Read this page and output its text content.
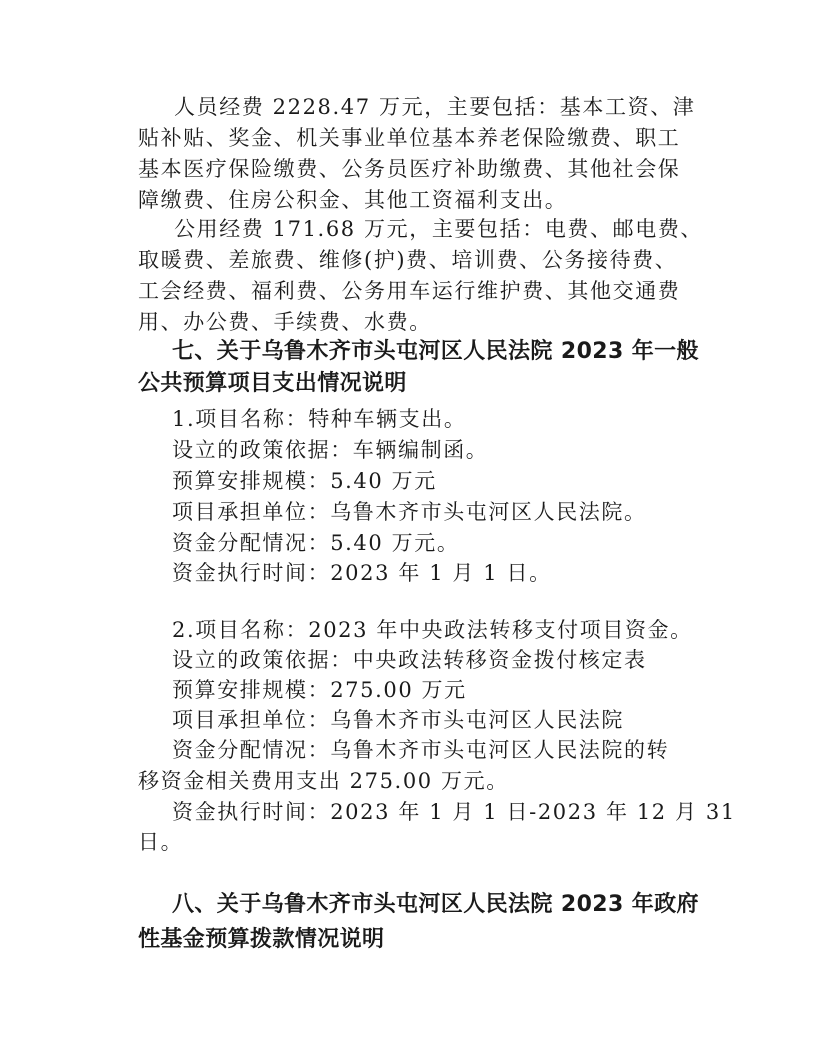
人员经费 2228.47 万元，主要包括：基本工资、津
贴补贴、奖金、机关事业单位基本养老保险缴费、职工
基本医疗保险缴费、公务员医疗补助缴费、其他社会保
障缴费、住房公积金、其他工资福利支出。
公用经费 171.68 万元，主要包括：电费、邮电费、
取暖费、差旅费、维修(护)费、培训费、公务接待费、
工会经费、福利费、公务用车运行维护费、其他交通费
用、办公费、手续费、水费。
七、关于乌鲁木齐市头屯河区人民法院 2023 年一般
公共预算项目支出情况说明
1.项目名称：特种车辆支出。
设立的政策依据：车辆编制函。
预算安排规模：5.40 万元
项目承担单位：乌鲁木齐市头屯河区人民法院。
资金分配情况：5.40 万元。
资金执行时间：2023 年 1 月 1 日。
2.项目名称：2023 年中央政法转移支付项目资金。
设立的政策依据：中央政法转移资金拨付核定表
预算安排规模：275.00 万元
项目承担单位：乌鲁木齐市头屯河区人民法院
资金分配情况：乌鲁木齐市头屯河区人民法院的转
移资金相关费用支出 275.00 万元。
资金执行时间：2023 年 1 月 1 日-2023 年 12 月 31
日。
八、关于乌鲁木齐市头屯河区人民法院 2023 年政府
性基金预算拨款情况说明
